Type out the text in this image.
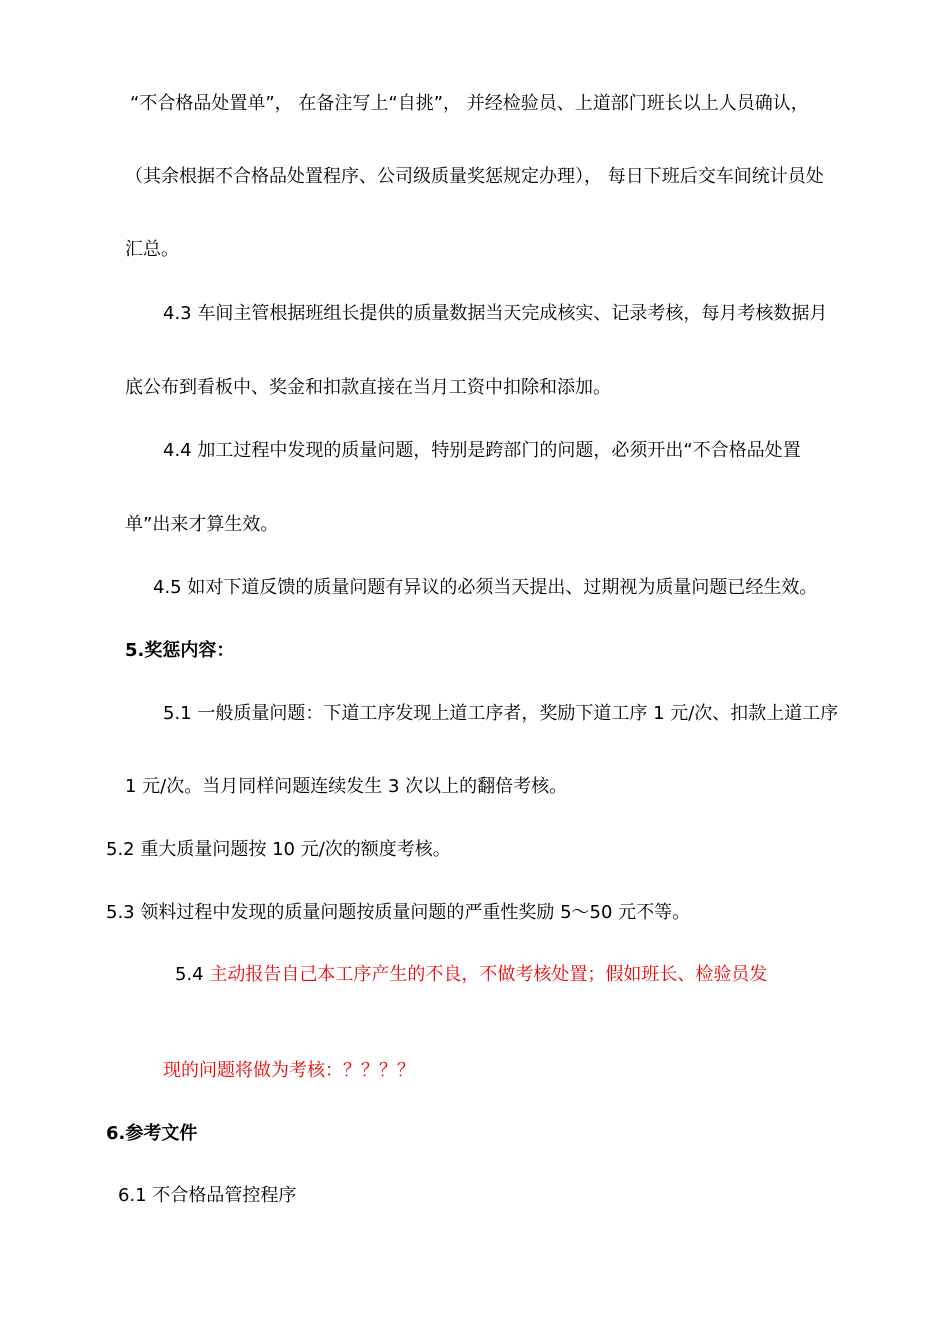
“不合格品处置单”， 在备注写上“自挑”， 并经检验员、上道部门班长以上人员确认，

（其余根据不合格品处置程序、公司级质量奖惩规定办理）， 每日下班后交车间统计员处

汇总。

4.3 车间主管根据班组长提供的质量数据当天完成核实、记录考核，每月考核数据月

底公布到看板中、奖金和扣款直接在当月工资中扣除和添加。

4.4 加工过程中发现的质量问题，特别是跨部门的问题，必须开出“不合格品处置

单”出来才算生效。

4.5 如对下道反馈的质量问题有异议的必须当天提出、过期视为质量问题已经生效。

5.奖惩内容：

5.1 一般质量问题：下道工序发现上道工序者，奖励下道工序 1 元/次、扣款上道工序

1 元/次。当月同样问题连续发生 3 次以上的翻倍考核。

5.2 重大质量问题按 10 元/次的额度考核。

5.3 领料过程中发现的质量问题按质量问题的严重性奖励 5～50 元不等。

5.4 主动报告自己本工序产生的不良，不做考核处置；假如班长、检验员发

现的问题将做为考核：？？？？

6.参考文件

6.1 不合格品管控程序
